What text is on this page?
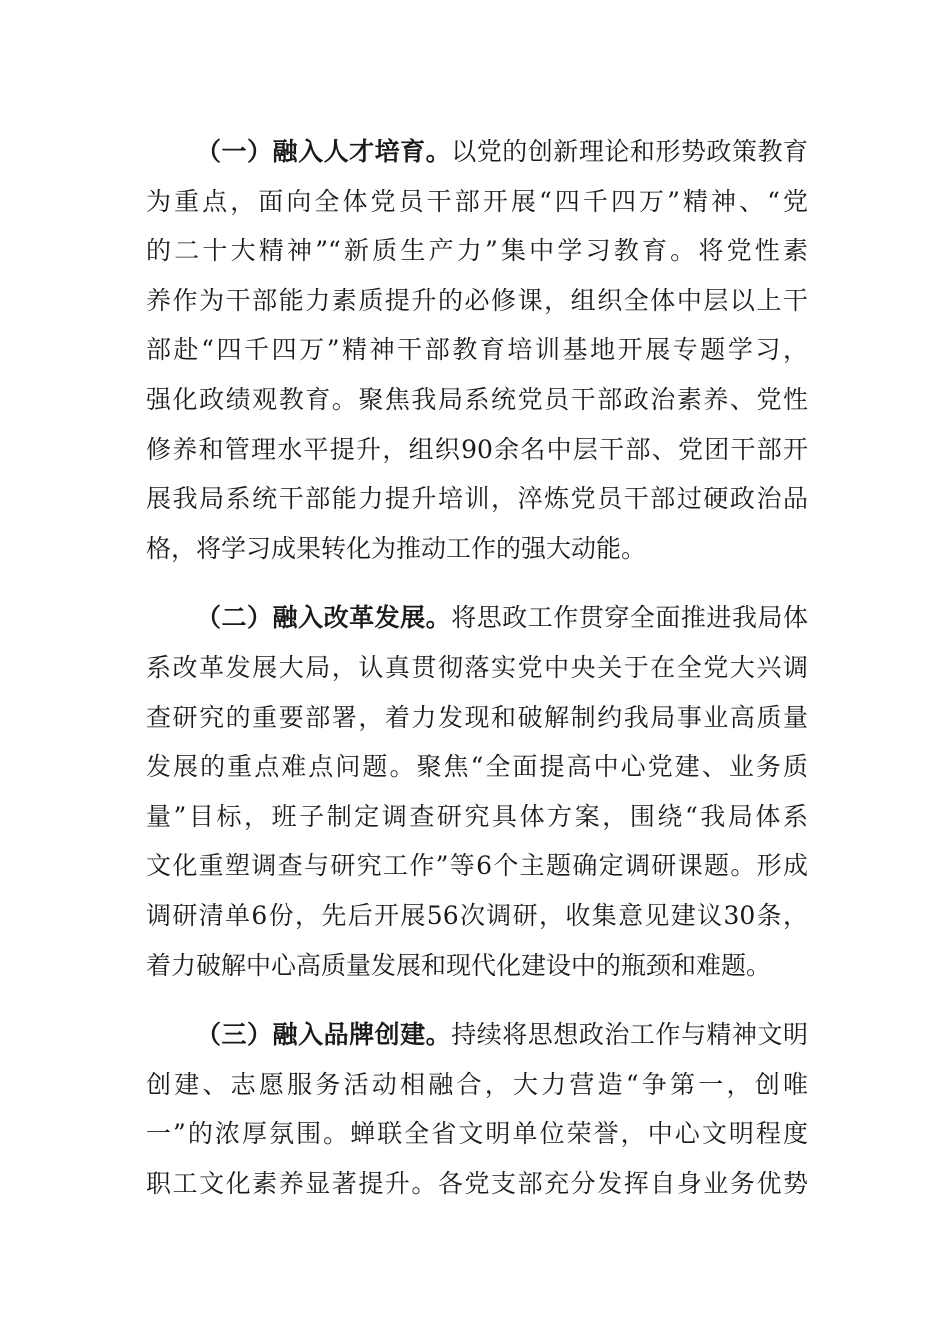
（一）融入人才培育。以党的创新理论和形势政策教育
为重点，面向全体党员干部开展“四千四万”精神、“党
的二十大精神”“新质生产力”集中学习教育。将党性素
养作为干部能力素质提升的必修课，组织全体中层以上干
部赴“四千四万”精神干部教育培训基地开展专题学习，
强化政绩观教育。聚焦我局系统党员干部政治素养、党性
修养和管理水平提升，组织90余名中层干部、党团干部开
展我局系统干部能力提升培训，淬炼党员干部过硬政治品
格，将学习成果转化为推动工作的强大动能。
（二）融入改革发展。将思政工作贯穿全面推进我局体
系改革发展大局，认真贯彻落实党中央关于在全党大兴调
查研究的重要部署，着力发现和破解制约我局事业高质量
发展的重点难点问题。聚焦“全面提高中心党建、业务质
量”目标，班子制定调查研究具体方案，围绕“我局体系
文化重塑调查与研究工作”等6个主题确定调研课题。形成
调研清单6份，先后开展56次调研，收集意见建议30条，
着力破解中心高质量发展和现代化建设中的瓶颈和难题。
（三）融入品牌创建。持续将思想政治工作与精神文明
创建、志愿服务活动相融合，大力营造“争第一，创唯
一”的浓厚氛围。蝉联全省文明单位荣誉，中心文明程度
职工文化素养显著提升。各党支部充分发挥自身业务优势
